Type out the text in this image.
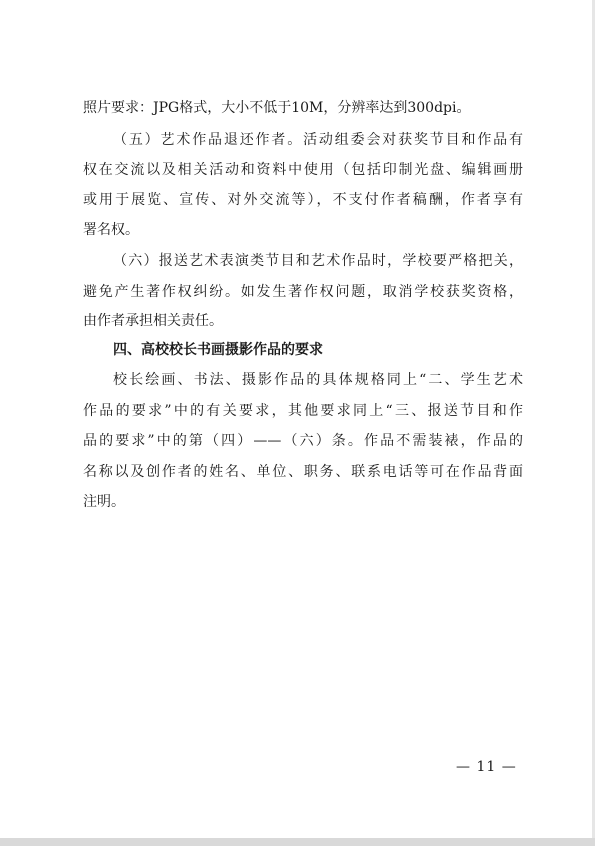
照片要求：JPG格式，大小不低于10M，分辨率达到300dpi。
（五）艺术作品退还作者。活动组委会对获奖节目和作品有
权在交流以及相关活动和资料中使用（包括印制光盘、编辑画册
或用于展览、宣传、对外交流等），不支付作者稿酬，作者享有
署名权。
（六）报送艺术表演类节目和艺术作品时，学校要严格把关，
避免产生著作权纠纷。如发生著作权问题，取消学校获奖资格，
由作者承担相关责任。
四、高校校长书画摄影作品的要求
校长绘画、书法、摄影作品的具体规格同上“二、学生艺术
作品的要求”中的有关要求，其他要求同上“三、报送节目和作
品的要求”中的第（四）——（六）条。作品不需装裱，作品的
名称以及创作者的姓名、单位、职务、联系电话等可在作品背面
注明。
— 11 —
